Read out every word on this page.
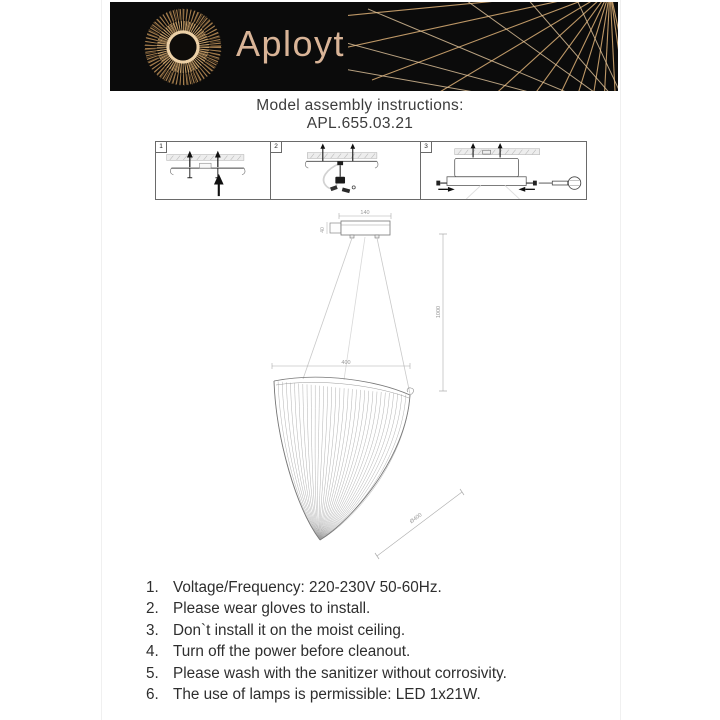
Aployt
Model assembly instructions:
APL.655.03.21
1	2	3
140
40
1000
400
Ø400
1. Voltage/Frequency: 220-230V 50-60Hz.
2. Please wear gloves to install.
3. Don`t install it on the moist ceiling.
4. Turn off the power before cleanout.
5. Please wash with the sanitizer without corrosivity.
6. The use of lamps is permissible: LED 1x21W.
